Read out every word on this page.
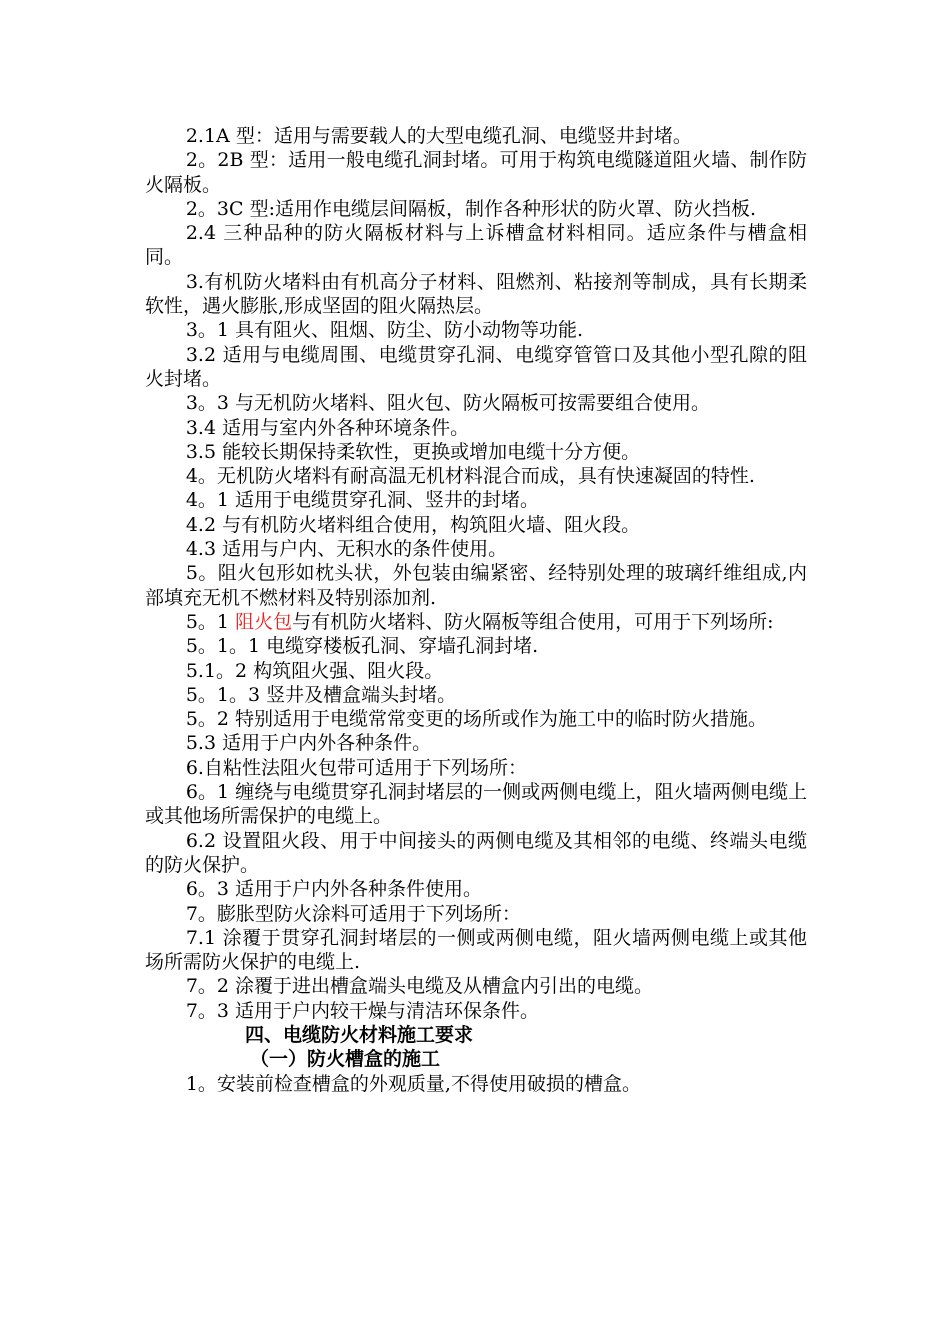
2.1A 型：适用与需要载人的大型电缆孔洞、电缆竖井封堵。

2。2B 型：适用一般电缆孔洞封堵。可用于构筑电缆隧道阻火墙、制作防火隔板。

2。3C 型:适用作电缆层间隔板，制作各种形状的防火罩、防火挡板.

2.4 三种品种的防火隔板材料与上诉槽盒材料相同。适应条件与槽盒相同。

3.有机防火堵料由有机高分子材料、阻燃剂、粘接剂等制成，具有长期柔软性，遇火膨胀,形成坚固的阻火隔热层。

3。1 具有阻火、阻烟、防尘、防小动物等功能.

3.2 适用与电缆周围、电缆贯穿孔洞、电缆穿管管口及其他小型孔隙的阻火封堵。

3。3 与无机防火堵料、阻火包、防火隔板可按需要组合使用。

3.4 适用与室内外各种环境条件。

3.5 能较长期保持柔软性，更换或增加电缆十分方便。

4。无机防火堵料有耐高温无机材料混合而成，具有快速凝固的特性.

4。1 适用于电缆贯穿孔洞、竖井的封堵。

4.2 与有机防火堵料组合使用，构筑阻火墙、阻火段。

4.3 适用与户内、无积水的条件使用。

5。阻火包形如枕头状，外包装由编紧密、经特别处理的玻璃纤维组成,内部填充无机不燃材料及特别添加剂.

5。1 阻火包与有机防火堵料、防火隔板等组合使用，可用于下列场所:

5。1。1 电缆穿楼板孔洞、穿墙孔洞封堵.

5.1。2 构筑阻火强、阻火段。

5。1。3 竖井及槽盒端头封堵。

5。2 特别适用于电缆常常变更的场所或作为施工中的临时防火措施。

5.3 适用于户内外各种条件。

6.自粘性法阻火包带可适用于下列场所：

6。1 缠绕与电缆贯穿孔洞封堵层的一侧或两侧电缆上，阻火墙两侧电缆上或其他场所需保护的电缆上。

6.2 设置阻火段、用于中间接头的两侧电缆及其相邻的电缆、终端头电缆的防火保护。

6。3 适用于户内外各种条件使用。

7。膨胀型防火涂料可适用于下列场所：

7.1 涂覆于贯穿孔洞封堵层的一侧或两侧电缆，阻火墙两侧电缆上或其他场所需防火保护的电缆上.

7。2 涂覆于进出槽盒端头电缆及从槽盒内引出的电缆。

7。3 适用于户内较干燥与清洁环保条件。

四、电缆防火材料施工要求

（一）防火槽盒的施工

1。安装前检查槽盒的外观质量,不得使用破损的槽盒。
